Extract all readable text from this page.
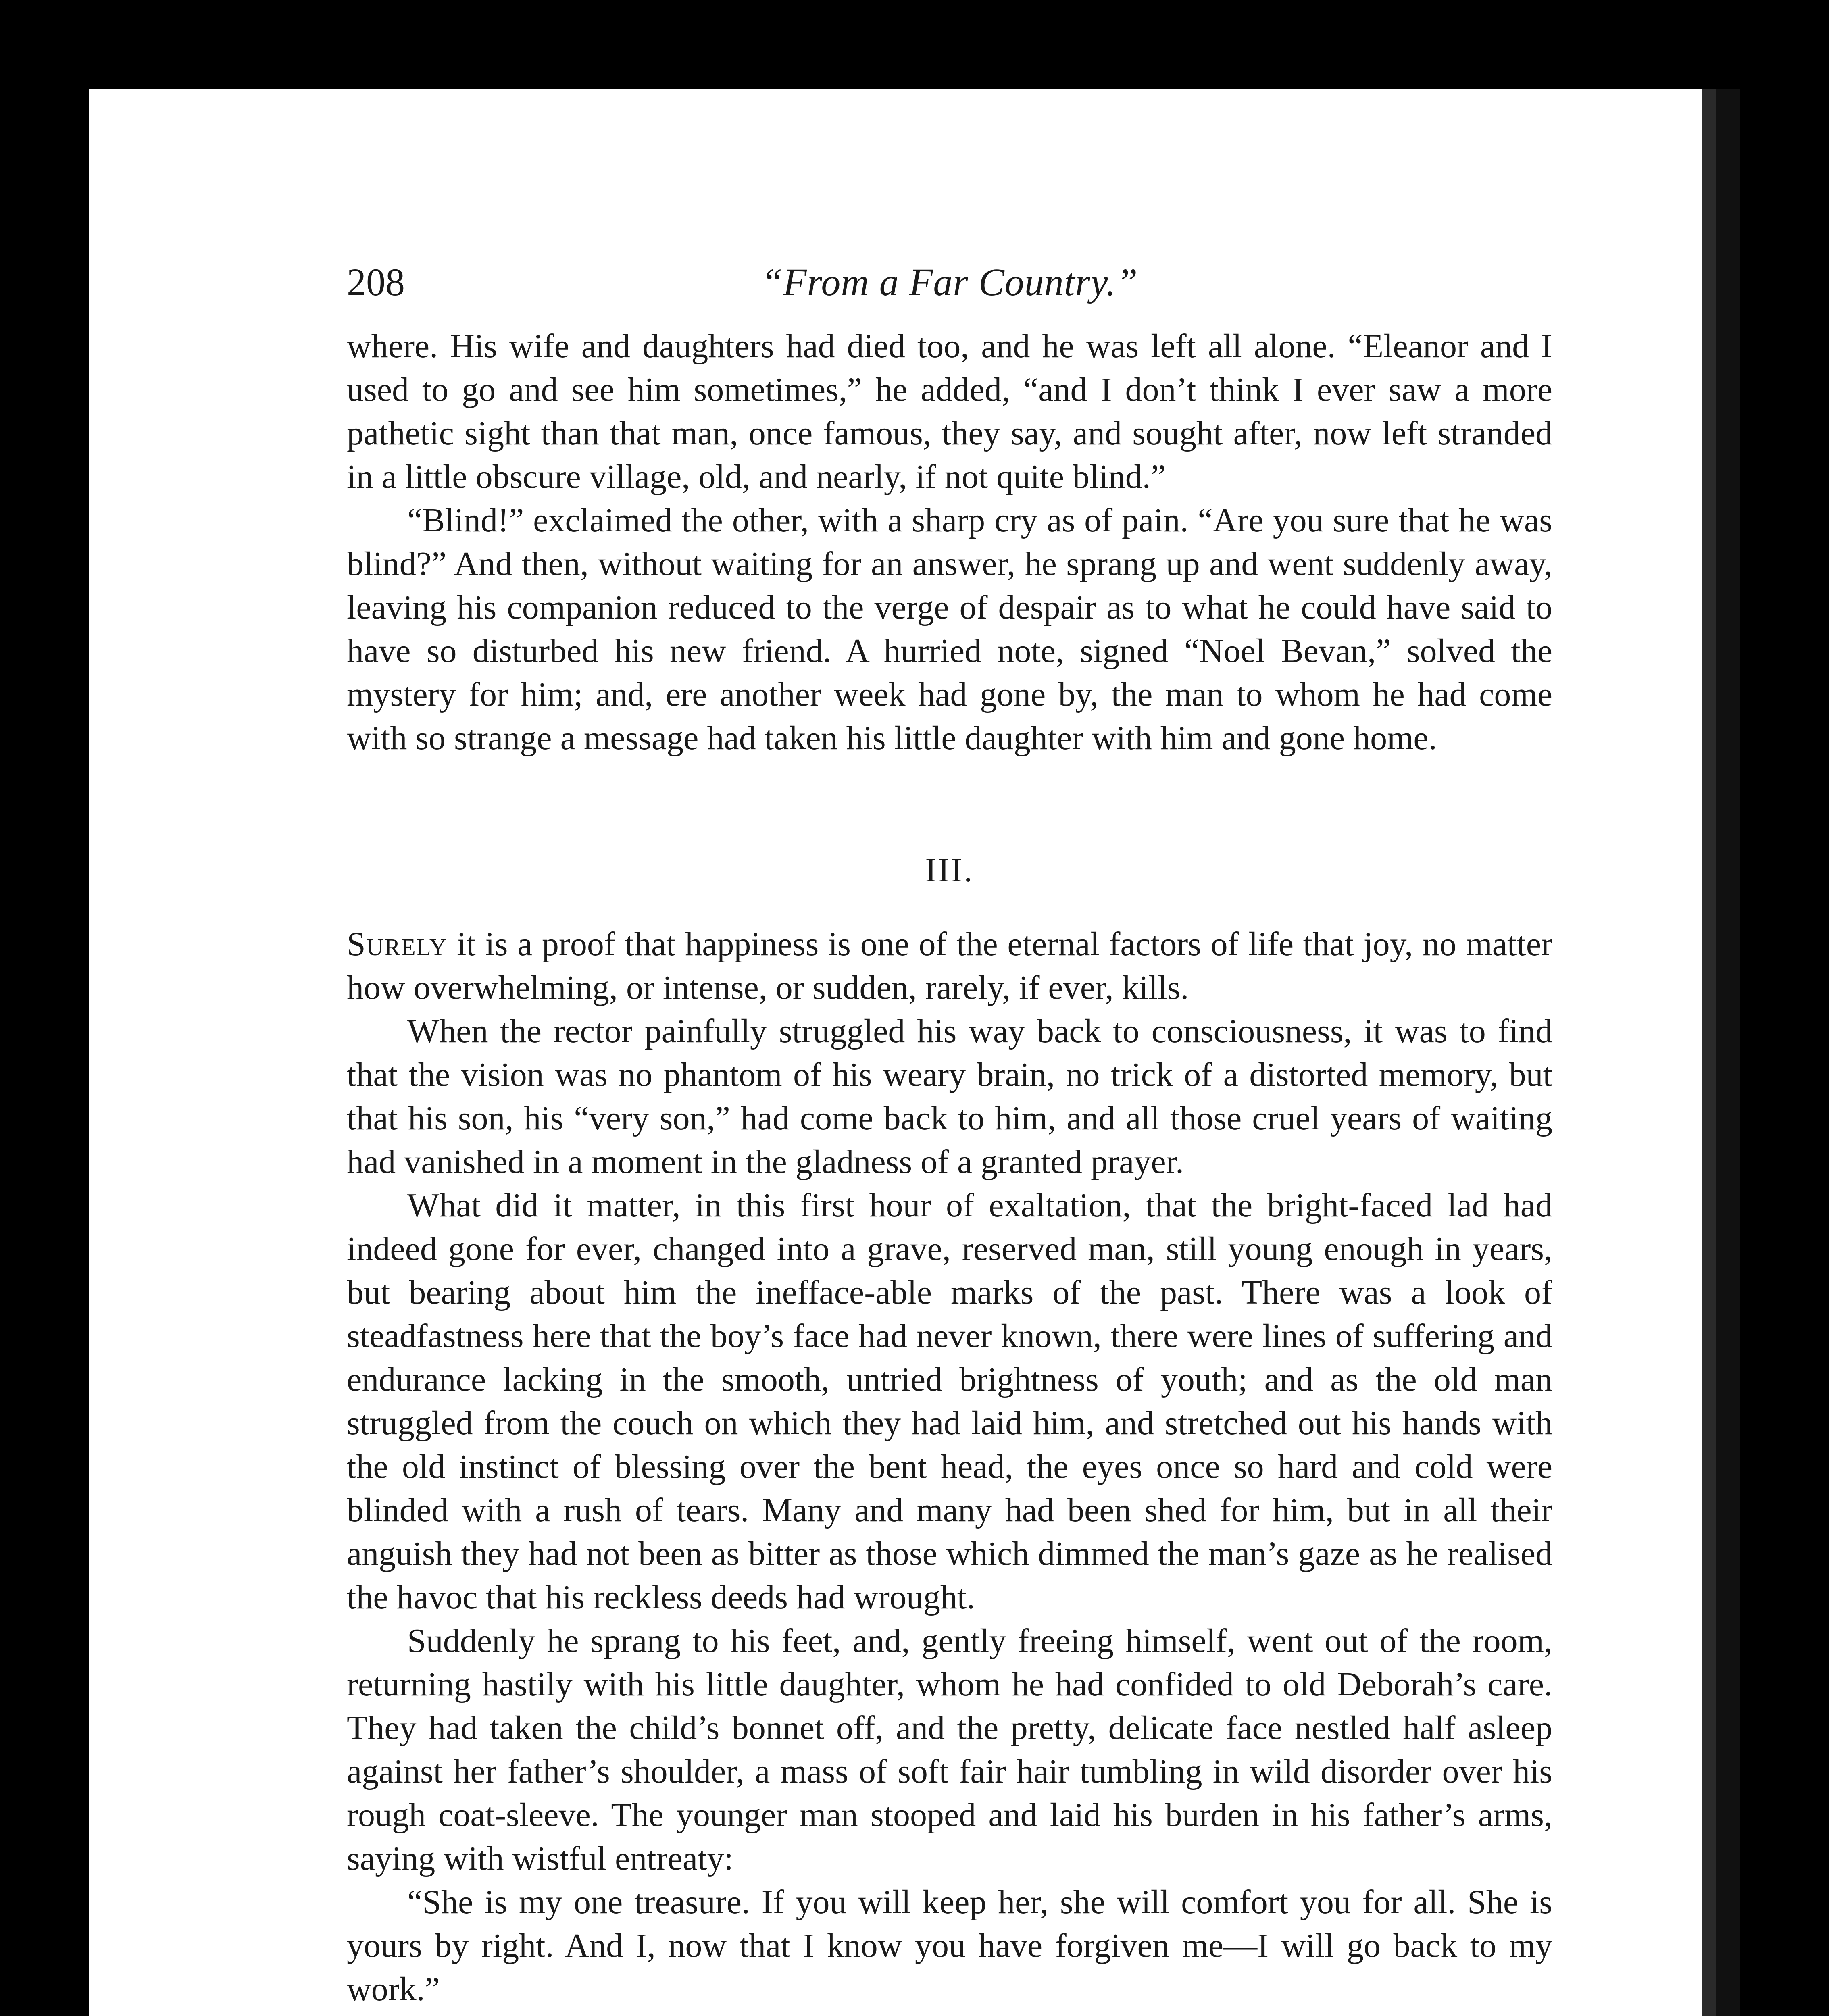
208	“From a Far Country.”

where. His wife and daughters had died too, and he was left all alone. “Eleanor and I used to go and see him sometimes,” he added, “and I don’t think I ever saw a more pathetic sight than that man, once famous, they say, and sought after, now left stranded in a little obscure village, old, and nearly, if not quite blind.”

“Blind!” exclaimed the other, with a sharp cry as of pain. “Are you sure that he was blind?” And then, without waiting for an answer, he sprang up and went suddenly away, leaving his companion reduced to the verge of despair as to what he could have said to have so disturbed his new friend. A hurried note, signed “Noel Bevan,” solved the mystery for him; and, ere another week had gone by, the man to whom he had come with so strange a message had taken his little daughter with him and gone home.

III.

Surely it is a proof that happiness is one of the eternal factors of life that joy, no matter how overwhelming, or intense, or sudden, rarely, if ever, kills.

When the rector painfully struggled his way back to consciousness, it was to find that the vision was no phantom of his weary brain, no trick of a distorted memory, but that his son, his “very son,” had come back to him, and all those cruel years of waiting had vanished in a moment in the gladness of a granted prayer.

What did it matter, in this first hour of exaltation, that the bright-faced lad had indeed gone for ever, changed into a grave, reserved man, still young enough in years, but bearing about him the inefface-able marks of the past. There was a look of steadfastness here that the boy’s face had never known, there were lines of suffering and endurance lacking in the smooth, untried brightness of youth; and as the old man struggled from the couch on which they had laid him, and stretched out his hands with the old instinct of blessing over the bent head, the eyes once so hard and cold were blinded with a rush of tears. Many and many had been shed for him, but in all their anguish they had not been as bitter as those which dimmed the man’s gaze as he realised the havoc that his reckless deeds had wrought.

Suddenly he sprang to his feet, and, gently freeing himself, went out of the room, returning hastily with his little daughter, whom he had confided to old Deborah’s care. They had taken the child’s bonnet off, and the pretty, delicate face nestled half asleep against her father’s shoulder, a mass of soft fair hair tumbling in wild disorder over his rough coat-sleeve. The younger man stooped and laid his burden in his father’s arms, saying with wistful entreaty:

“She is my one treasure. If you will keep her, she will comfort you for all. She is yours by right. And I, now that I know you have forgiven me—I will go back to my work.”
